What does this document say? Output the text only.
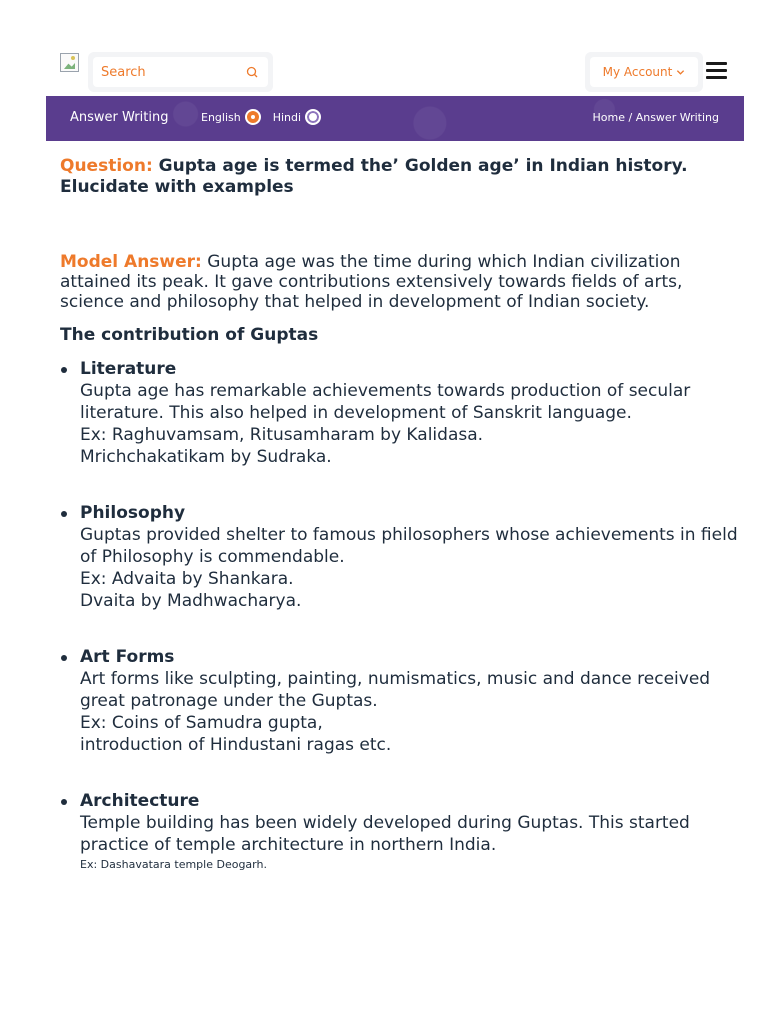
Search
My Account
Answer Writing	English	Hindi	Home / Answer Writing
Question: Gupta age is termed the’ Golden age’ in Indian history. Elucidate with examples
Model Answer: Gupta age was the time during which Indian civilization attained its peak. It gave contributions extensively towards fields of arts, science and philosophy that helped in development of Indian society.
The contribution of Guptas
Literature
Gupta age has remarkable achievements towards production of secular literature. This also helped in development of Sanskrit language.
Ex: Raghuvamsam, Ritusamharam by Kalidasa.
Mrichchakatikam by Sudraka.
Philosophy
Guptas provided shelter to famous philosophers whose achievements in field of Philosophy is commendable.
Ex: Advaita by Shankara.
Dvaita by Madhwacharya.
Art Forms
Art forms like sculpting, painting, numismatics, music and dance received great patronage under the Guptas.
Ex: Coins of Samudra gupta,
introduction of Hindustani ragas etc.
Architecture
Temple building has been widely developed during Guptas. This started practice of temple architecture in northern India.
Ex: Dashavatara temple Deogarh.
